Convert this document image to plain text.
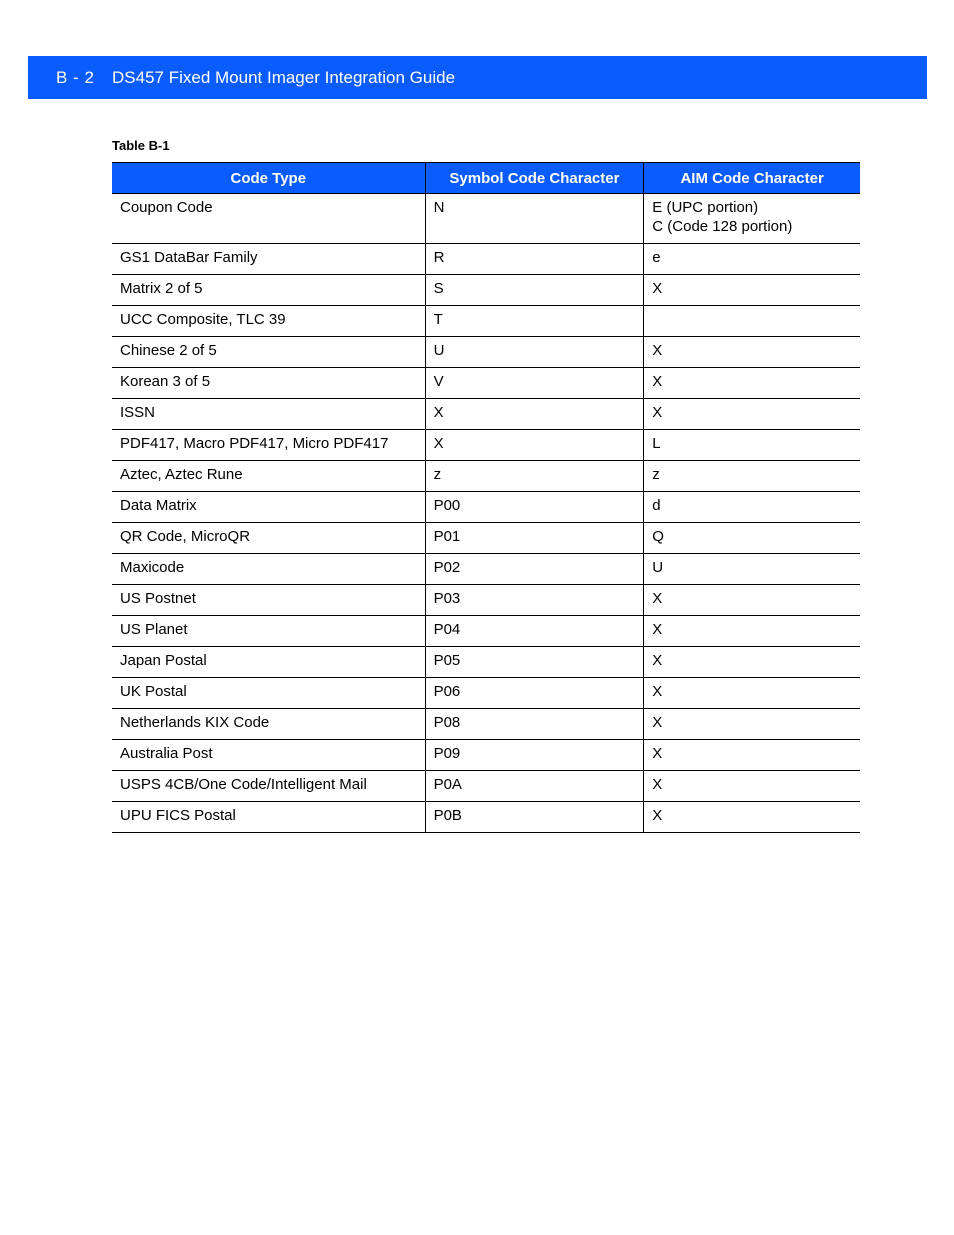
B - 2	DS457 Fixed Mount Imager Integration Guide
Table B-1
Code Type	Symbol Code Character	AIM Code Character
Coupon Code	N	E (UPC portion)
C (Code 128 portion)

GS1 DataBar Family	R	e
Matrix 2 of 5	S	X
UCC Composite, TLC 39	T	
Chinese 2 of 5	U	X
Korean 3 of 5	V	X
ISSN	X	X
PDF417, Macro PDF417, Micro PDF417	X	L
Aztec, Aztec Rune	z	z
Data Matrix	P00	d
QR Code, MicroQR	P01	Q
Maxicode	P02	U
US Postnet	P03	X
US Planet	P04	X
Japan Postal	P05	X
UK Postal	P06	X
Netherlands KIX Code	P08	X
Australia Post	P09	X
USPS 4CB/One Code/Intelligent Mail	P0A	X
UPU FICS Postal	P0B	X
